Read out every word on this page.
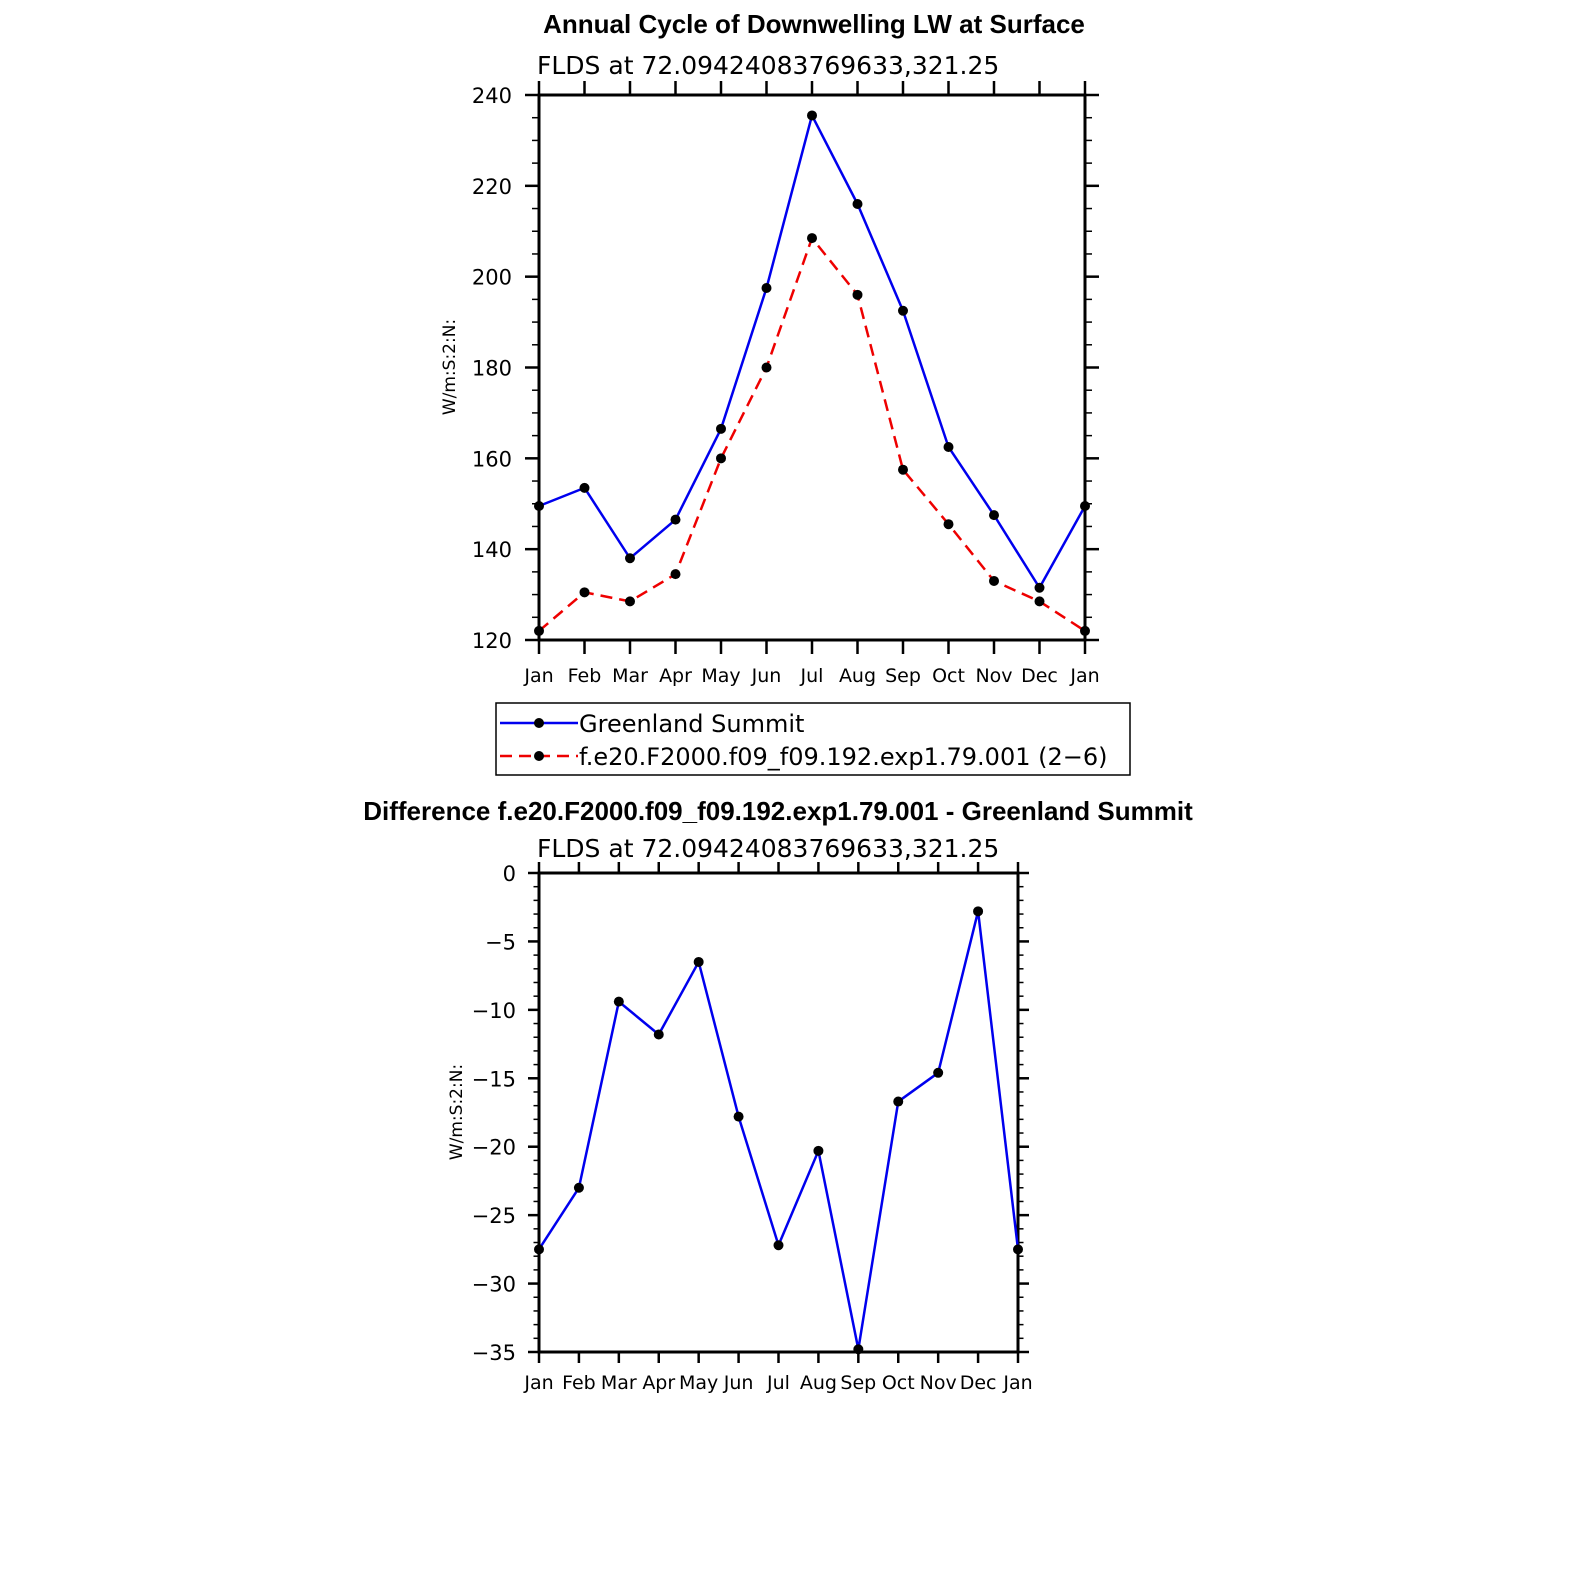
Annual Cycle of Downwelling LW at Surface
FLDS at 72.09424083769633,321.25
W/m:S:2:N:
120
140
160
180
200
220
240
Jan Feb Mar Apr May Jun Jul Aug Sep Oct Nov Dec Jan
Greenland Summit
f.e20.F2000.f09_f09.192.exp1.79.001 (2−6)
Difference f.e20.F2000.f09_f09.192.exp1.79.001 - Greenland Summit
FLDS at 72.09424083769633,321.25
W/m:S:2:N:
−35
−30
−25
−20
−15
−10
−5
0
Jan Feb Mar Apr May Jun Jul Aug Sep Oct Nov Dec Jan
